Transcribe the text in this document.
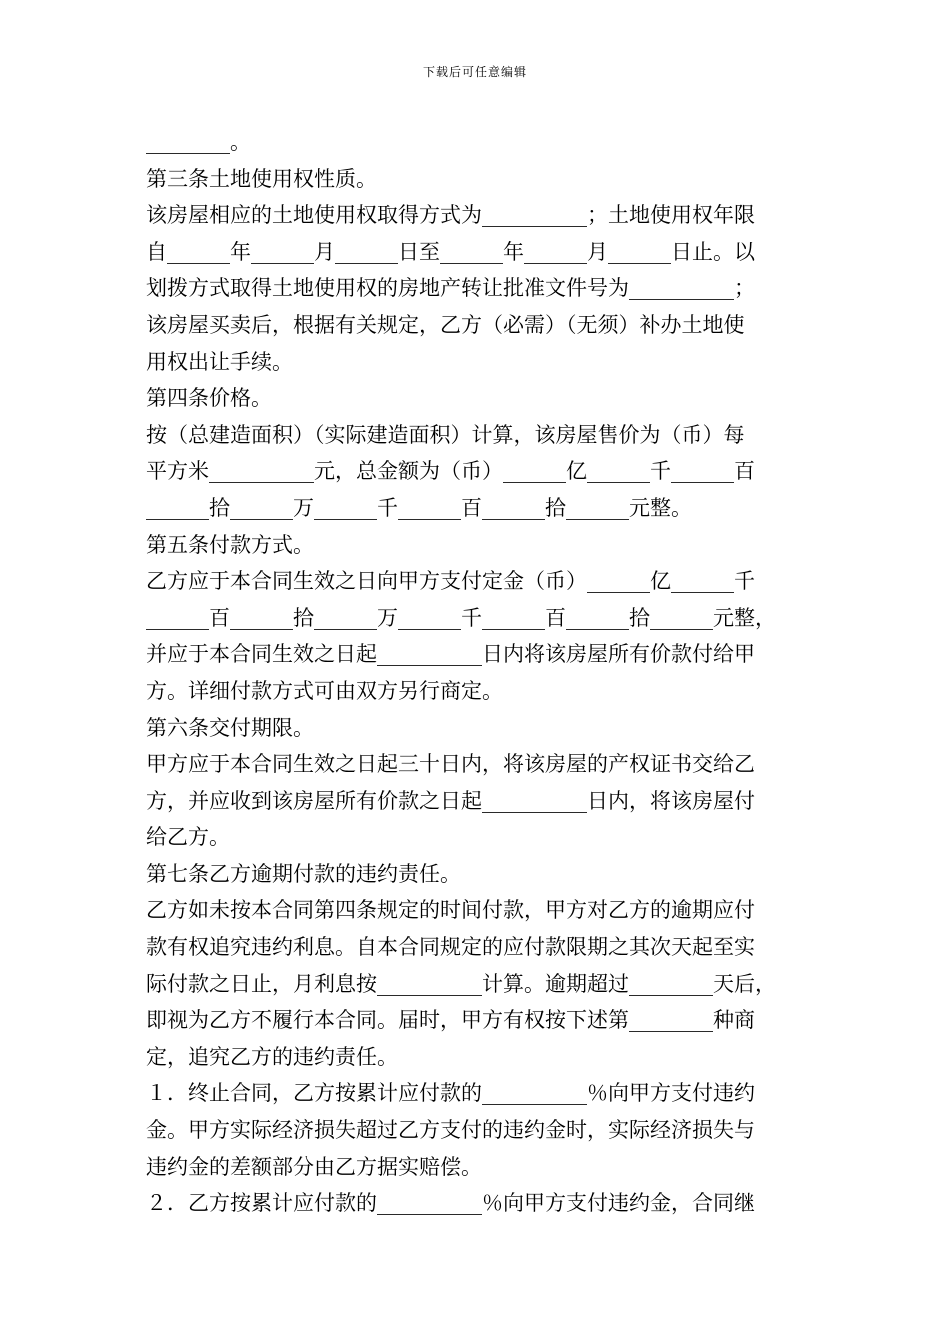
下载后可任意编辑
________。
第三条土地使用权性质。
该房屋相应的土地使用权取得方式为__________；土地使用权年限
自______年______月______日至______年______月______日止。以
划拨方式取得土地使用权的房地产转让批准文件号为__________；
该房屋买卖后，根据有关规定，乙方（必需）（无须）补办土地使
用权出让手续。
第四条价格。
按（总建造面积）（实际建造面积）计算，该房屋售价为（币）每
平方米__________元，总金额为（币）______亿______千______百
______拾______万______千______百______拾______元整。
第五条付款方式。
乙方应于本合同生效之日向甲方支付定金（币）______亿______千
______百______拾______万______千______百______拾______元整，
并应于本合同生效之日起__________日内将该房屋所有价款付给甲
方。详细付款方式可由双方另行商定。
第六条交付期限。
甲方应于本合同生效之日起三十日内，将该房屋的产权证书交给乙
方，并应收到该房屋所有价款之日起__________日内，将该房屋付
给乙方。
第七条乙方逾期付款的违约责任。
乙方如未按本合同第四条规定的时间付款，甲方对乙方的逾期应付
款有权追究违约利息。自本合同规定的应付款限期之其次天起至实
际付款之日止，月利息按__________计算。逾期超过________天后，
即视为乙方不履行本合同。届时，甲方有权按下述第________种商
定，追究乙方的违约责任。
１．终止合同，乙方按累计应付款的__________％向甲方支付违约
金。甲方实际经济损失超过乙方支付的违约金时，实际经济损失与
违约金的差额部分由乙方据实赔偿。
２．乙方按累计应付款的__________％向甲方支付违约金，合同继
